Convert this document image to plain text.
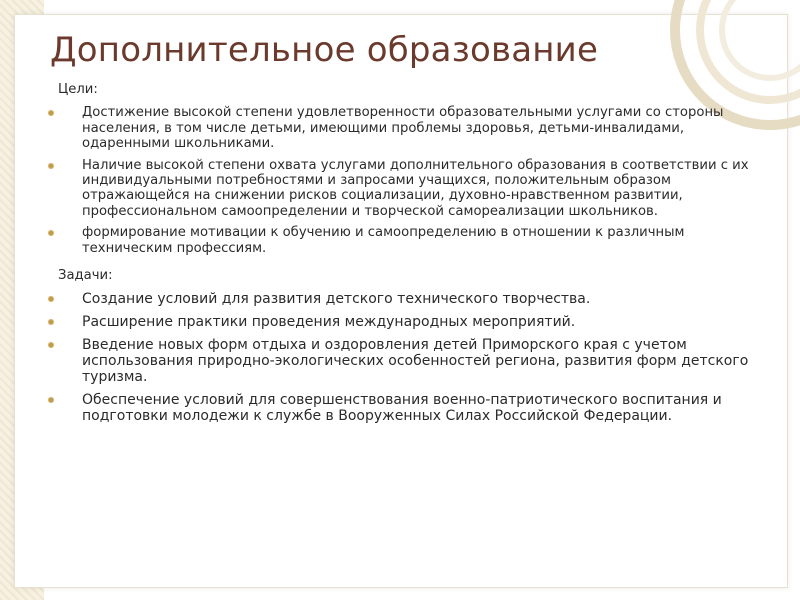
Дополнительное образование
Цели:
Достижение высокой степени удовлетворенности образовательными услугами со стороны населения, в том числе детьми, имеющими проблемы здоровья, детьми-инвалидами, одаренными школьниками.
Наличие высокой степени охвата услугами дополнительного образования в соответствии с их индивидуальными потребностями и запросами учащихся, положительным образом отражающейся на снижении рисков социализации, духовно-нравственном развитии, профессиональном самоопределении и творческой самореализации школьников.
формирование мотивации к обучению и самоопределению в отношении к различным техническим профессиям.
Задачи:
Создание условий для развития детского технического творчества.
Расширение практики проведения международных мероприятий.
Введение новых форм отдыха и оздоровления детей Приморского края с учетом использования природно-экологических особенностей региона, развития форм детского туризма.
Обеспечение условий для совершенствования военно-патриотического воспитания и подготовки молодежи к службе в Вооруженных Силах Российской Федерации.
